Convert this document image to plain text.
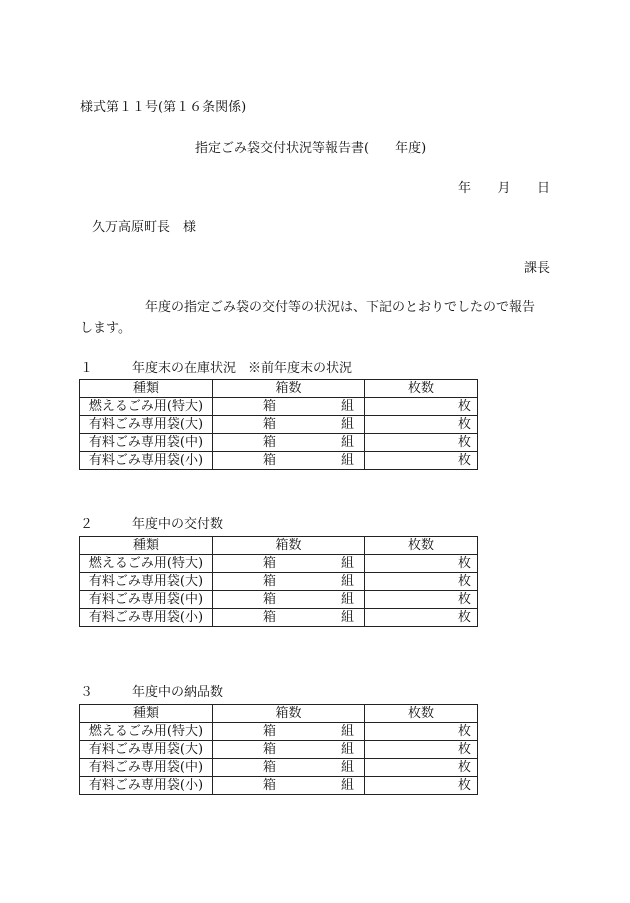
様式第１１号(第１６条関係)
指定ごみ袋交付状況等報告書(　　年度)
年 月 日
久万高原町長　様
課長
年度の指定ごみ袋の交付等の状況は、下記のとおりでしたので報告
します。
１	年度末の在庫状況 ※前年度末の状況
種類	箱数	枚数
燃えるごみ用(特大)	箱 組	枚
有料ごみ専用袋(大)	箱 組	枚
有料ごみ専用袋(中)	箱 組	枚
有料ごみ専用袋(小)	箱 組	枚
２	年度中の交付数
種類	箱数	枚数
燃えるごみ用(特大)	箱 組	枚
有料ごみ専用袋(大)	箱 組	枚
有料ごみ専用袋(中)	箱 組	枚
有料ごみ専用袋(小)	箱 組	枚
３	年度中の納品数
種類	箱数	枚数
燃えるごみ用(特大)	箱 組	枚
有料ごみ専用袋(大)	箱 組	枚
有料ごみ専用袋(中)	箱 組	枚
有料ごみ専用袋(小)	箱 組	枚
